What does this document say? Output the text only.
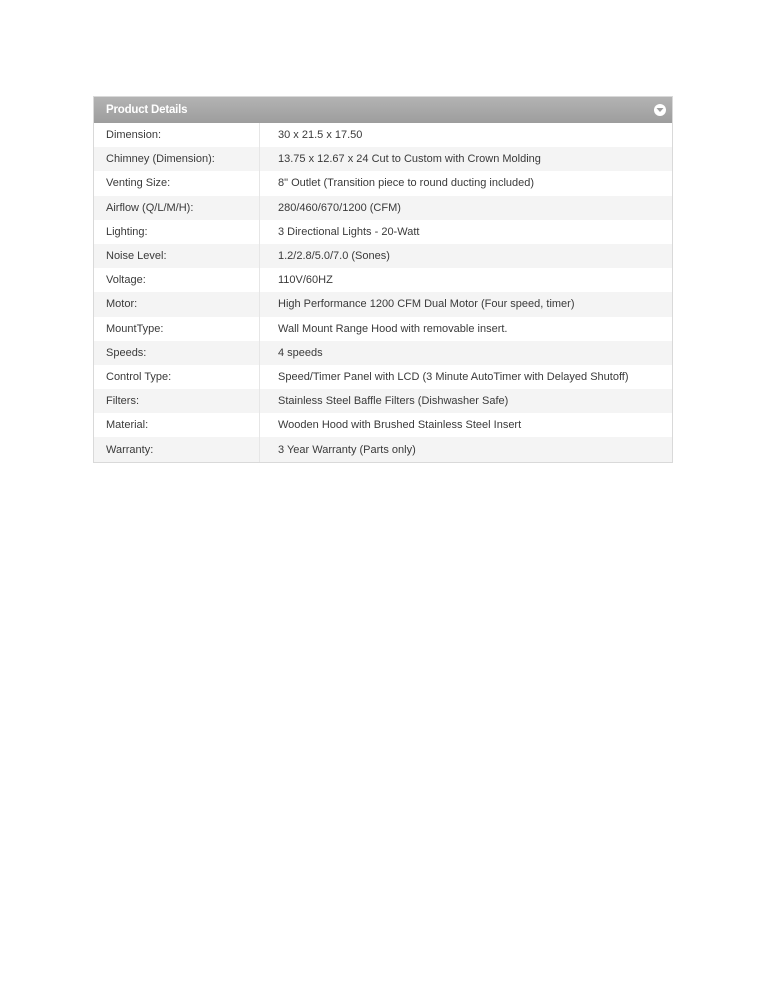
Product Details
Dimension:	30 x 21.5 x 17.50
Chimney (Dimension):	13.75 x 12.67 x 24 Cut to Custom with Crown Molding
Venting Size:	8" Outlet (Transition piece to round ducting included)
Airflow (Q/L/M/H):	280/460/670/1200 (CFM)
Lighting:	3 Directional Lights - 20-Watt
Noise Level:	1.2/2.8/5.0/7.0 (Sones)
Voltage:	110V/60HZ
Motor:	High Performance 1200 CFM Dual Motor (Four speed, timer)
MountType:	Wall Mount Range Hood with removable insert.
Speeds:	4 speeds
Control Type:	Speed/Timer Panel with LCD (3 Minute AutoTimer with Delayed Shutoff)
Filters:	Stainless Steel Baffle Filters (Dishwasher Safe)
Material:	Wooden Hood with Brushed Stainless Steel Insert
Warranty:	3 Year Warranty (Parts only)
